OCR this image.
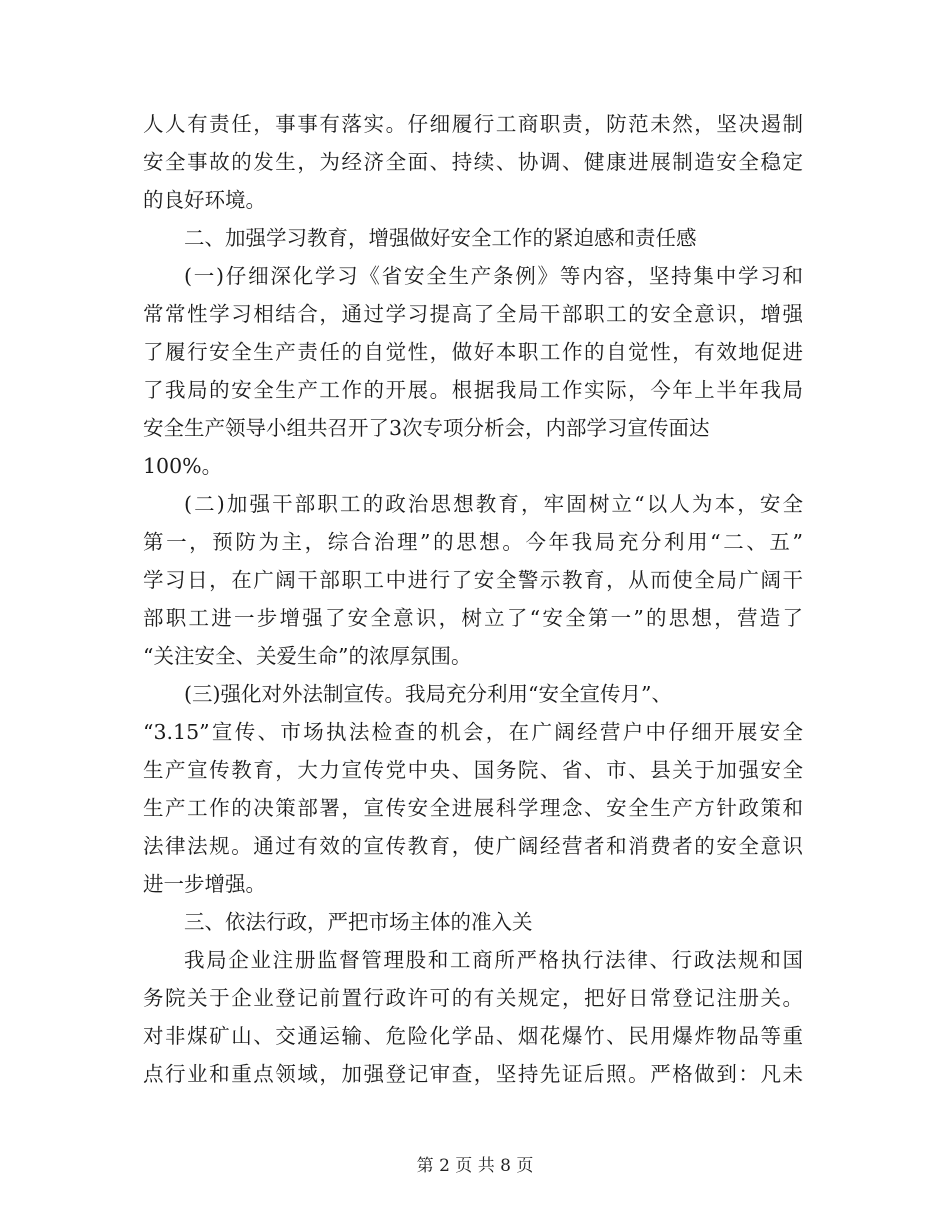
人人有责任，事事有落实。仔细履行工商职责，防范未然，坚决遏制
安全事故的发生，为经济全面、持续、协调、健康进展制造安全稳定
的良好环境。
二、加强学习教育，增强做好安全工作的紧迫感和责任感
(一)仔细深化学习《省安全生产条例》等内容，坚持集中学习和
常常性学习相结合，通过学习提高了全局干部职工的安全意识，增强
了履行安全生产责任的自觉性，做好本职工作的自觉性，有效地促进
了我局的安全生产工作的开展。根据我局工作实际，今年上半年我局
安全生产领导小组共召开了3次专项分析会，内部学习宣传面达
100%。
(二)加强干部职工的政治思想教育，牢固树立“以人为本，安全
第一，预防为主，综合治理”的思想。今年我局充分利用“二、五”
学习日，在广阔干部职工中进行了安全警示教育，从而使全局广阔干
部职工进一步增强了安全意识，树立了“安全第一”的思想，营造了
“关注安全、关爱生命”的浓厚氛围。
(三)强化对外法制宣传。我局充分利用“安全宣传月”、
“3.15”宣传、市场执法检查的机会，在广阔经营户中仔细开展安全
生产宣传教育，大力宣传党中央、国务院、省、市、县关于加强安全
生产工作的决策部署，宣传安全进展科学理念、安全生产方针政策和
法律法规。通过有效的宣传教育，使广阔经营者和消费者的安全意识
进一步增强。
三、依法行政，严把市场主体的准入关
我局企业注册监督管理股和工商所严格执行法律、行政法规和国
务院关于企业登记前置行政许可的有关规定，把好日常登记注册关。
对非煤矿山、交通运输、危险化学品、烟花爆竹、民用爆炸物品等重
点行业和重点领域，加强登记审查，坚持先证后照。严格做到：凡未
第 2 页 共 8 页
